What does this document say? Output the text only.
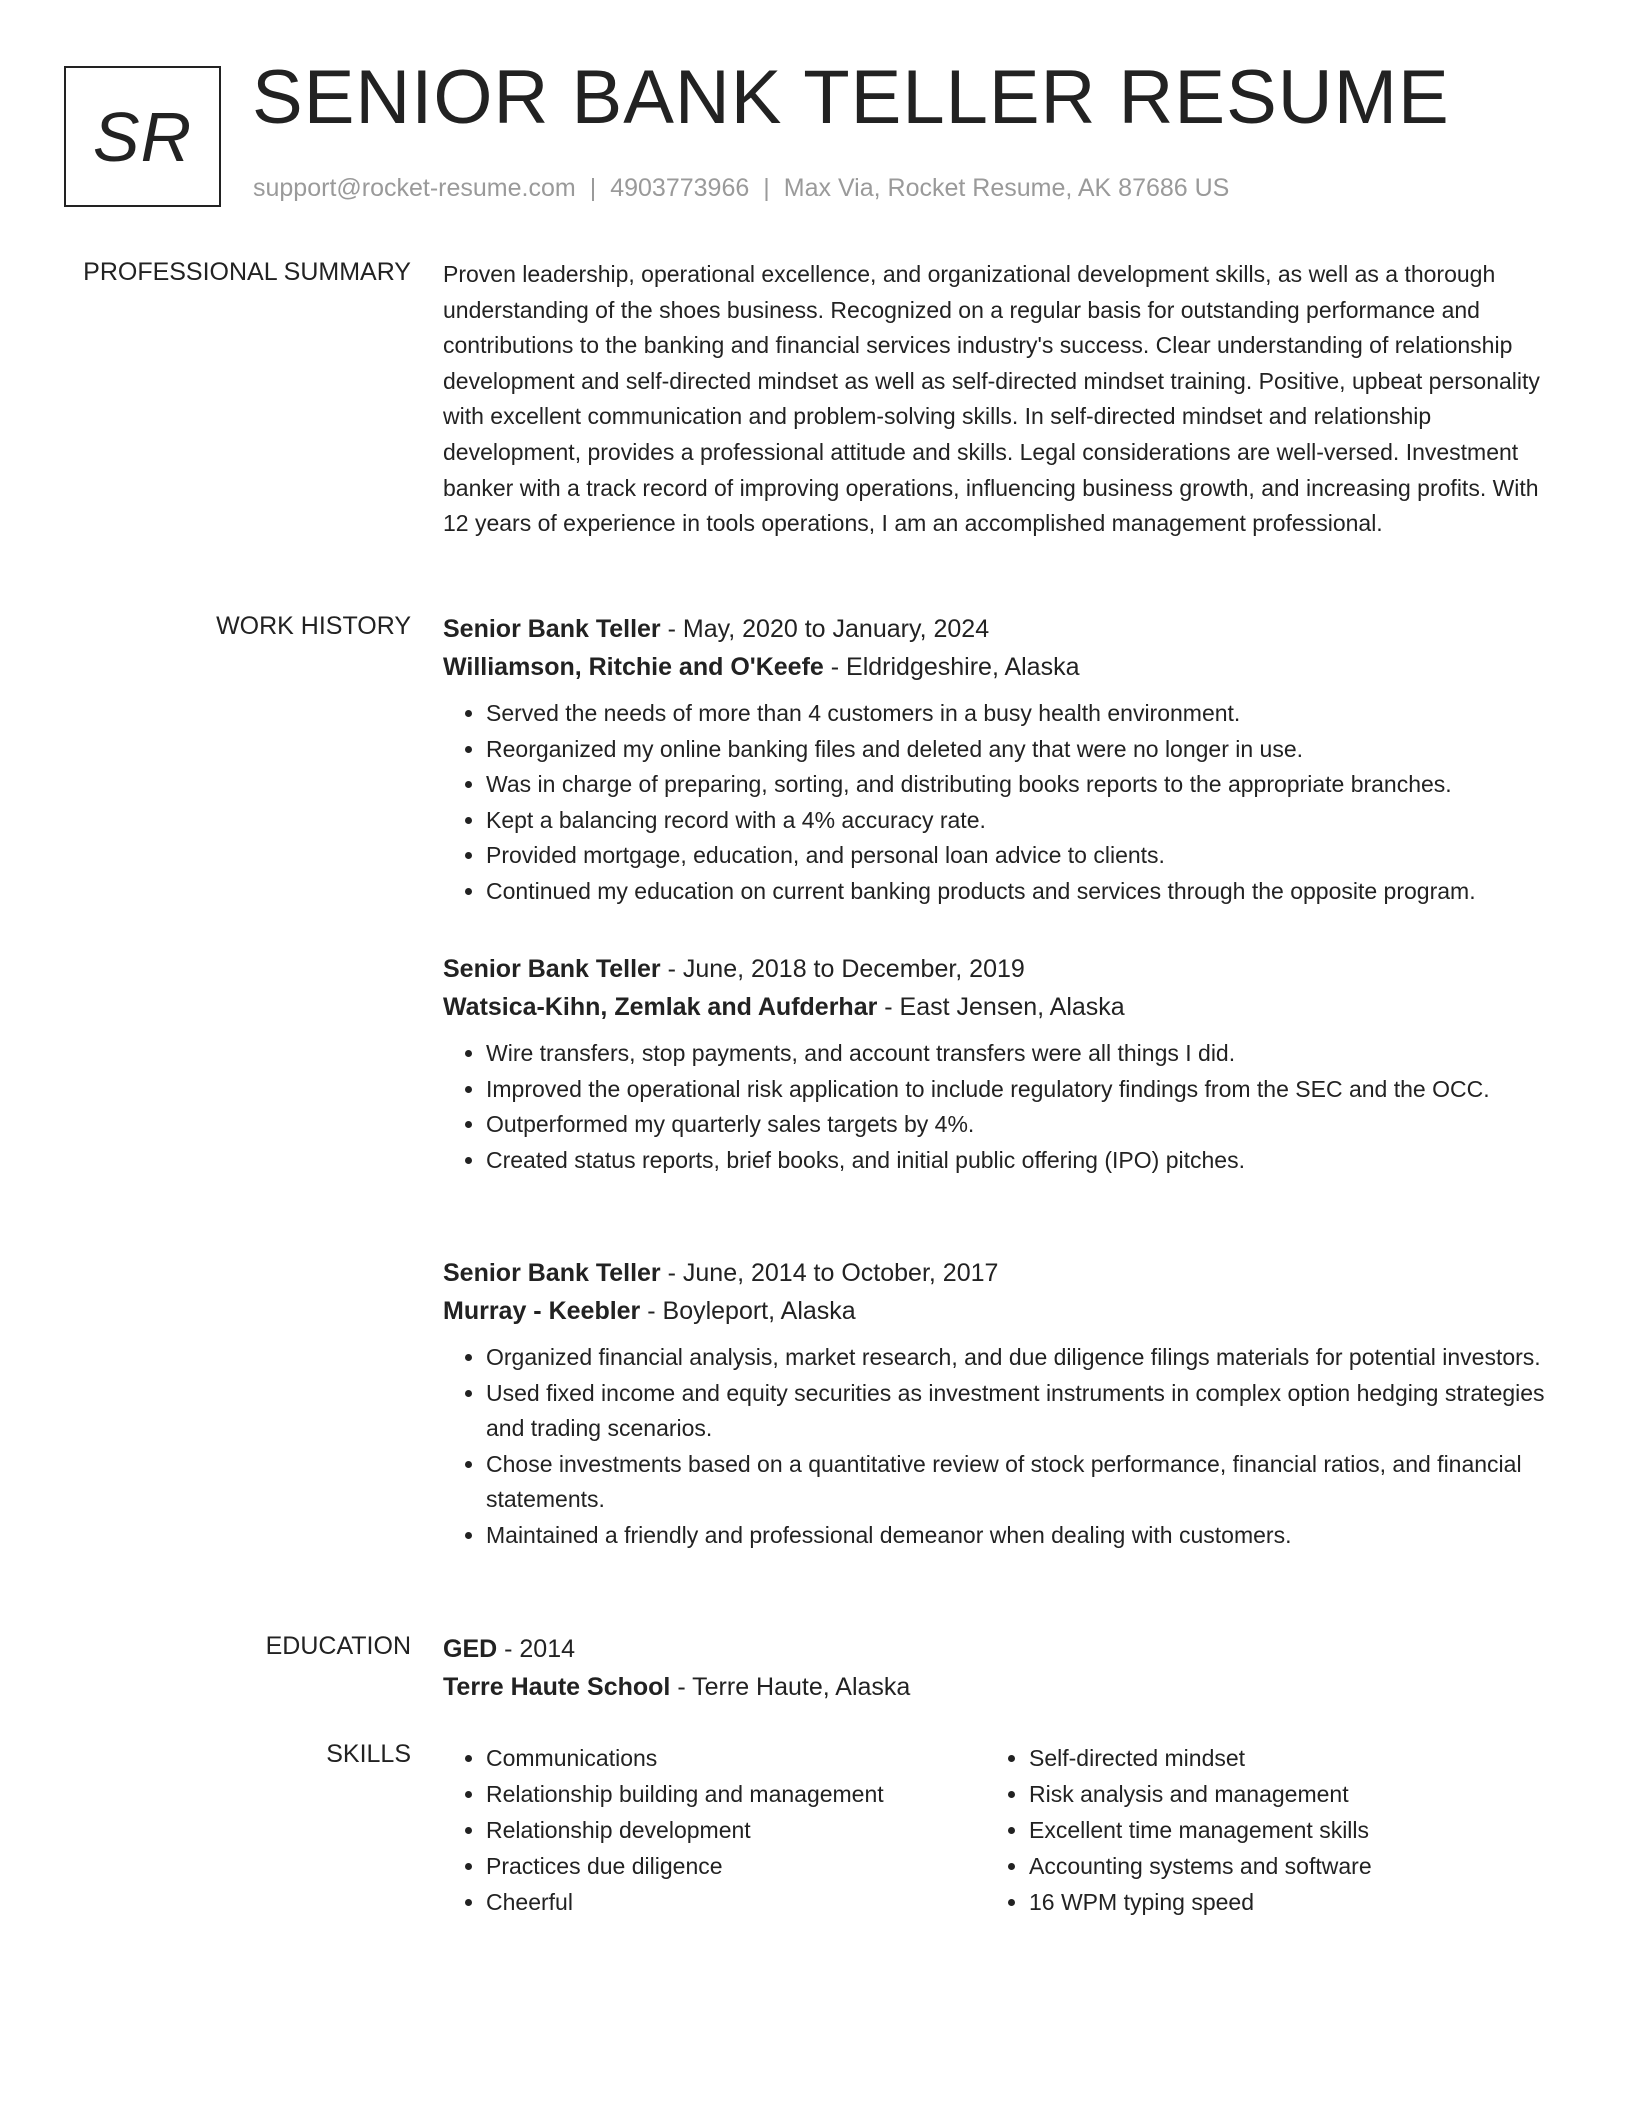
SR SENIOR BANK TELLER RESUME
support@rocket-resume.com | 4903773966 | Max Via, Rocket Resume, AK 87686 US
PROFESSIONAL SUMMARY Proven leadership, operational excellence, and organizational development skills, as well as a thorough understanding of the shoes business. Recognized on a regular basis for outstanding performance and contributions to the banking and financial services industry's success. Clear understanding of relationship development and self-directed mindset as well as self-directed mindset training. Positive, upbeat personality with excellent communication and problem-solving skills. In self-directed mindset and relationship development, provides a professional attitude and skills. Legal considerations are well-versed. Investment banker with a track record of improving operations, influencing business growth, and increasing profits. With 12 years of experience in tools operations, I am an accomplished management professional.

WORK HISTORY Senior Bank Teller - May, 2020 to January, 2024
Williamson, Ritchie and O'Keefe - Eldridgeshire, Alaska
• Served the needs of more than 4 customers in a busy health environment.
• Reorganized my online banking files and deleted any that were no longer in use.
• Was in charge of preparing, sorting, and distributing books reports to the appropriate branches.
• Kept a balancing record with a 4% accuracy rate.
• Provided mortgage, education, and personal loan advice to clients.
• Continued my education on current banking products and services through the opposite program.
Senior Bank Teller - June, 2018 to December, 2019
Watsica-Kihn, Zemlak and Aufderhar - East Jensen, Alaska
• Wire transfers, stop payments, and account transfers were all things I did.
• Improved the operational risk application to include regulatory findings from the SEC and the OCC.
• Outperformed my quarterly sales targets by 4%.
• Created status reports, brief books, and initial public offering (IPO) pitches.
Senior Bank Teller - June, 2014 to October, 2017
Murray - Keebler - Boyleport, Alaska
• Organized financial analysis, market research, and due diligence filings materials for potential investors.
• Used fixed income and equity securities as investment instruments in complex option hedging strategies and trading scenarios.
• Chose investments based on a quantitative review of stock performance, financial ratios, and financial statements.
• Maintained a friendly and professional demeanor when dealing with customers.
EDUCATION GED - 2014
Terre Haute School - Terre Haute, Alaska
SKILLS
•	Communications
• Relationship building and management
• Relationship development
• Practices due diligence
• Cheerful
• Self-directed mindset
• Risk analysis and management
• Excellent time management skills
• Accounting systems and software
• 16 WPM typing speed
